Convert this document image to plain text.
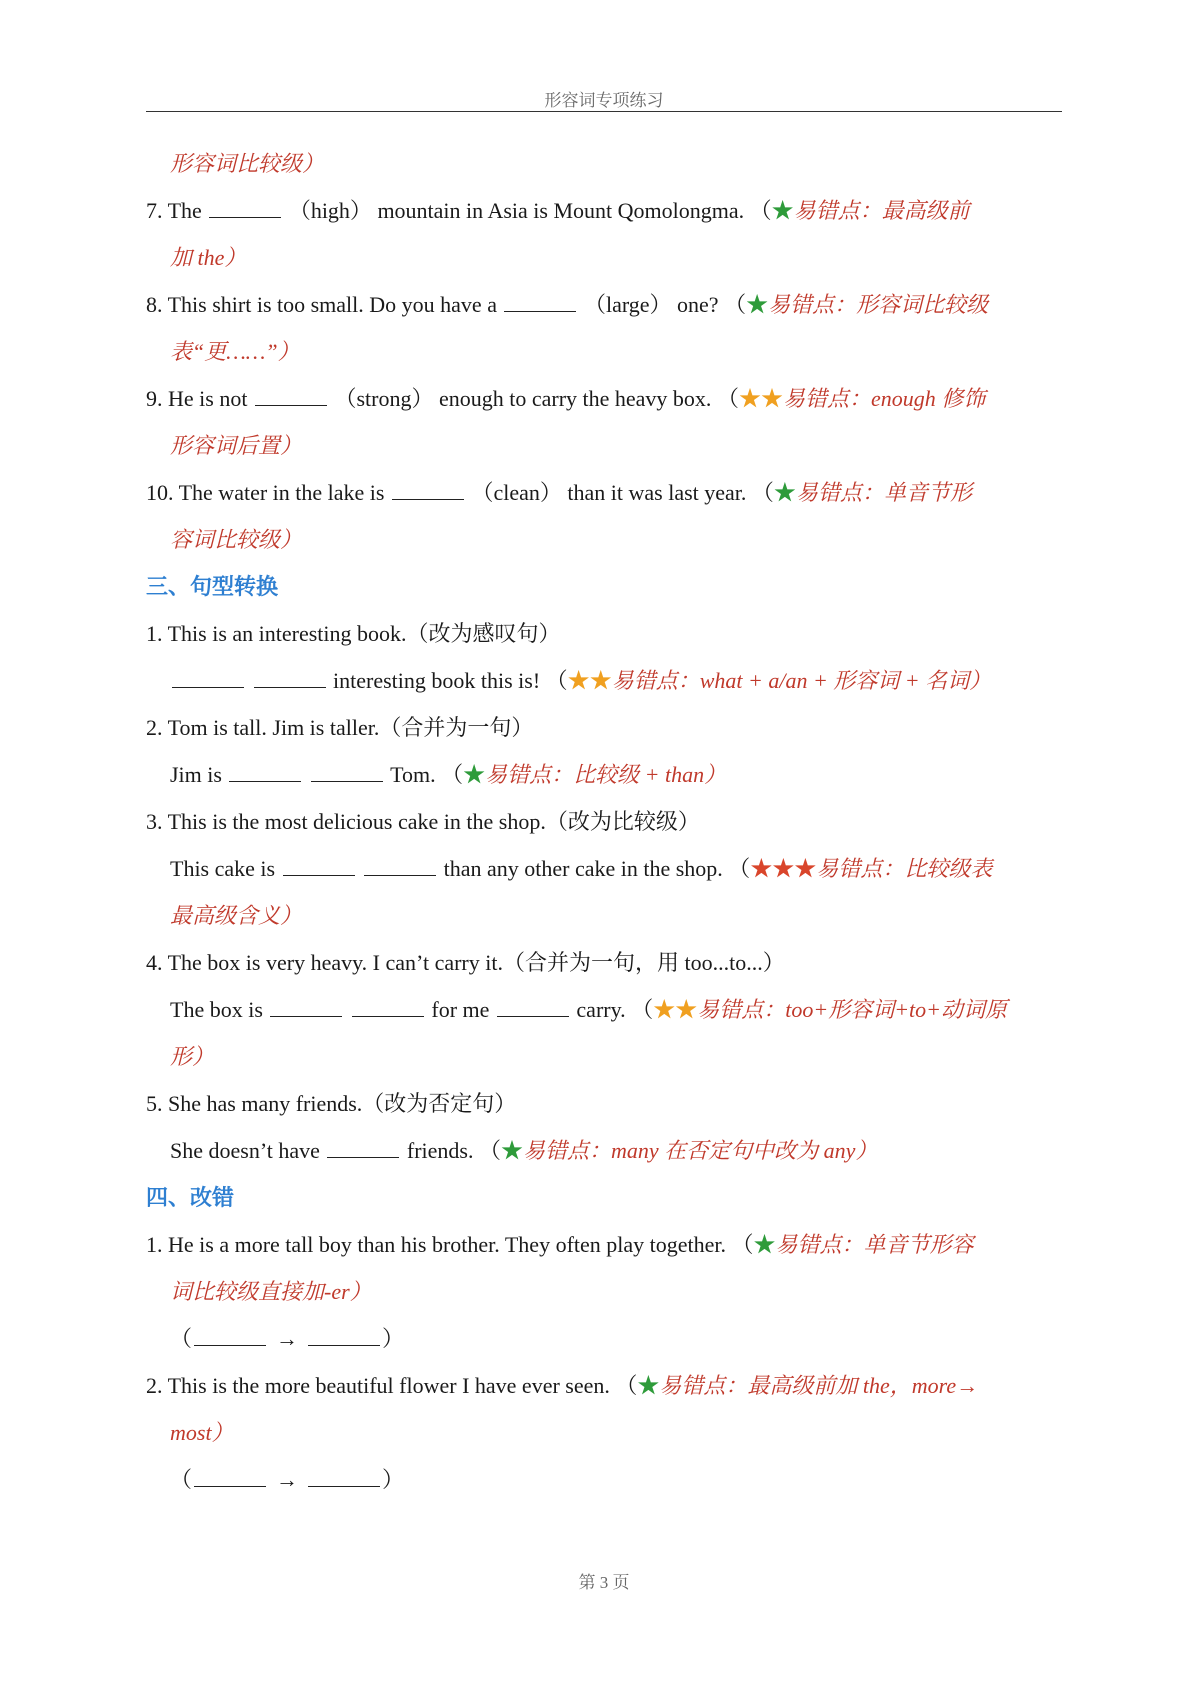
形容词专项练习
形容词比较级）
7. The	（high） mountain in Asia is Mount Qomolongma. （★易错点：最高级前
加 the）
8. This shirt is too small. Do you have a	（large） one? （★易错点：形容词比较级
表“更……”）
9. He is not	（strong） enough to carry the heavy box. （★★易错点：enough 修饰
形容词后置）
10. The water in the lake is	（clean） than it was last year. （★易错点：单音节形
容词比较级）
三、句型转换
1. This is an interesting book.（改为感叹句）
interesting book this is! （★★易错点：what + a/an + 形容词 + 名词）
2. Tom is tall. Jim is taller.（合并为一句）
Jim is	Tom. （★易错点：比较级 + than）
3. This is the most delicious cake in the shop.（改为比较级）
This cake is	than any other cake in the shop. （★★★易错点：比较级表
最高级含义）
4. The box is very heavy. I can’t carry it.（合并为一句，用 too...to...）
The box is	for me	carry. （★★易错点：too+形容词+to+动词原
形）
5. She has many friends.（改为否定句）
She doesn’t have	friends. （★易错点：many 在否定句中改为 any）
四、改错
1. He is a more tall boy than his brother. They often play together. （★易错点：单音节形容
词比较级直接加-er）
（	→	）
2. This is the more beautiful flower I have ever seen. （★易错点：最高级前加 the，more→
most）
（	→	）
第 3 页
